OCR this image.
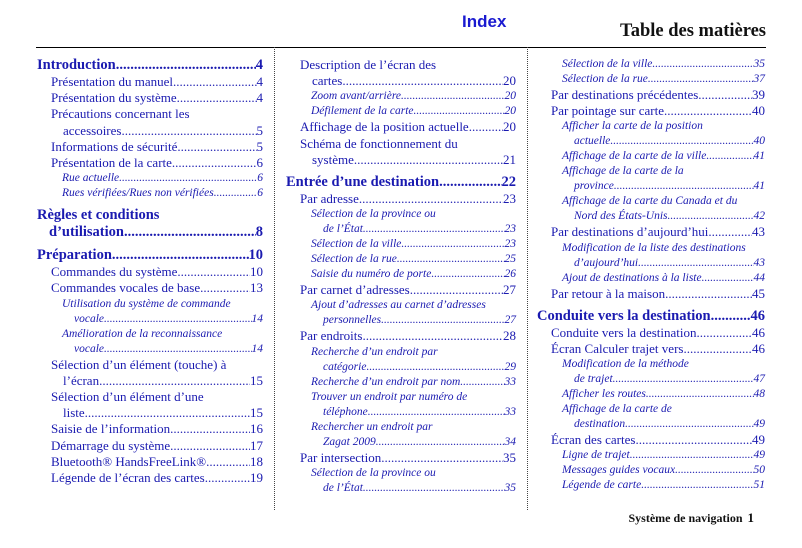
Index	Table des matières
Introduction .....	4
Présentation du manuel .....	4
Présentation du système .....	4
Précautions concernant les
accessoires .....	5
Informations de sécurité .....	5
Présentation de la carte .....	6
Rue actuelle .....	6
Rues vérifiées/Rues non vérifiées .....	6
Règles et conditions
d’utilisation .....	8
Préparation .....	10
Commandes du système .....	10
Commandes vocales de base .....	13
Utilisation du système de commande
vocale .....	14
Amélioration de la reconnaissance
vocale .....	14
Sélection d’un élément (touche) à
l’écran .....	15
Sélection d’un élément d’une
liste .....	15
Saisie de l’information .....	16
Démarrage du système .....	17
Bluetooth® HandsFreeLink® .....	18
Légende de l’écran des cartes .....	19
Description de l’écran des
cartes .....	20
Zoom avant/arrière .....	20
Défilement de la carte .....	20
Affichage de la position actuelle .....	20
Schéma de fonctionnement du
système .....	21
Entrée d’une destination .....	22
Par adresse .....	23
Sélection de la province ou
de l’État .....	23
Sélection de la ville .....	23
Sélection de la rue .....	25
Saisie du numéro de porte .....	26
Par carnet d’adresses .....	27
Ajout d’adresses au carnet d’adresses
personnelles .....	27
Par endroits .....	28
Recherche d’un endroit par
catégorie .....	29
Recherche d’un endroit par nom .....	33
Trouver un endroit par numéro de
téléphone .....	33
Rechercher un endroit par
Zagat 2009 .....	34
Par intersection .....	35
Sélection de la province ou
de l’État .....	35
Sélection de la ville .....	35
Sélection de la rue .....	37
Par destinations précédentes .....	39
Par pointage sur carte .....	40
Afficher la carte de la position
actuelle .....	40
Affichage de la carte de la ville .....	41
Affichage de la carte de la
province .....	41
Affichage de la carte du Canada et du
Nord des États-Unis .....	42
Par destinations d’aujourd’hui .....	43
Modification de la liste des destinations
d’aujourd’hui .....	43
Ajout de destinations à la liste .....	44
Par retour à la maison .....	45
Conduite vers la destination .....	46
Conduite vers la destination .....	46
Écran Calculer trajet vers .....	46
Modification de la méthode
de trajet .....	47
Afficher les routes .....	48
Affichage de la carte de
destination .....	49
Écran des cartes .....	49
Ligne de trajet .....	49
Messages guides vocaux .....	50
Légende de carte .....	51
Système de navigation 1
